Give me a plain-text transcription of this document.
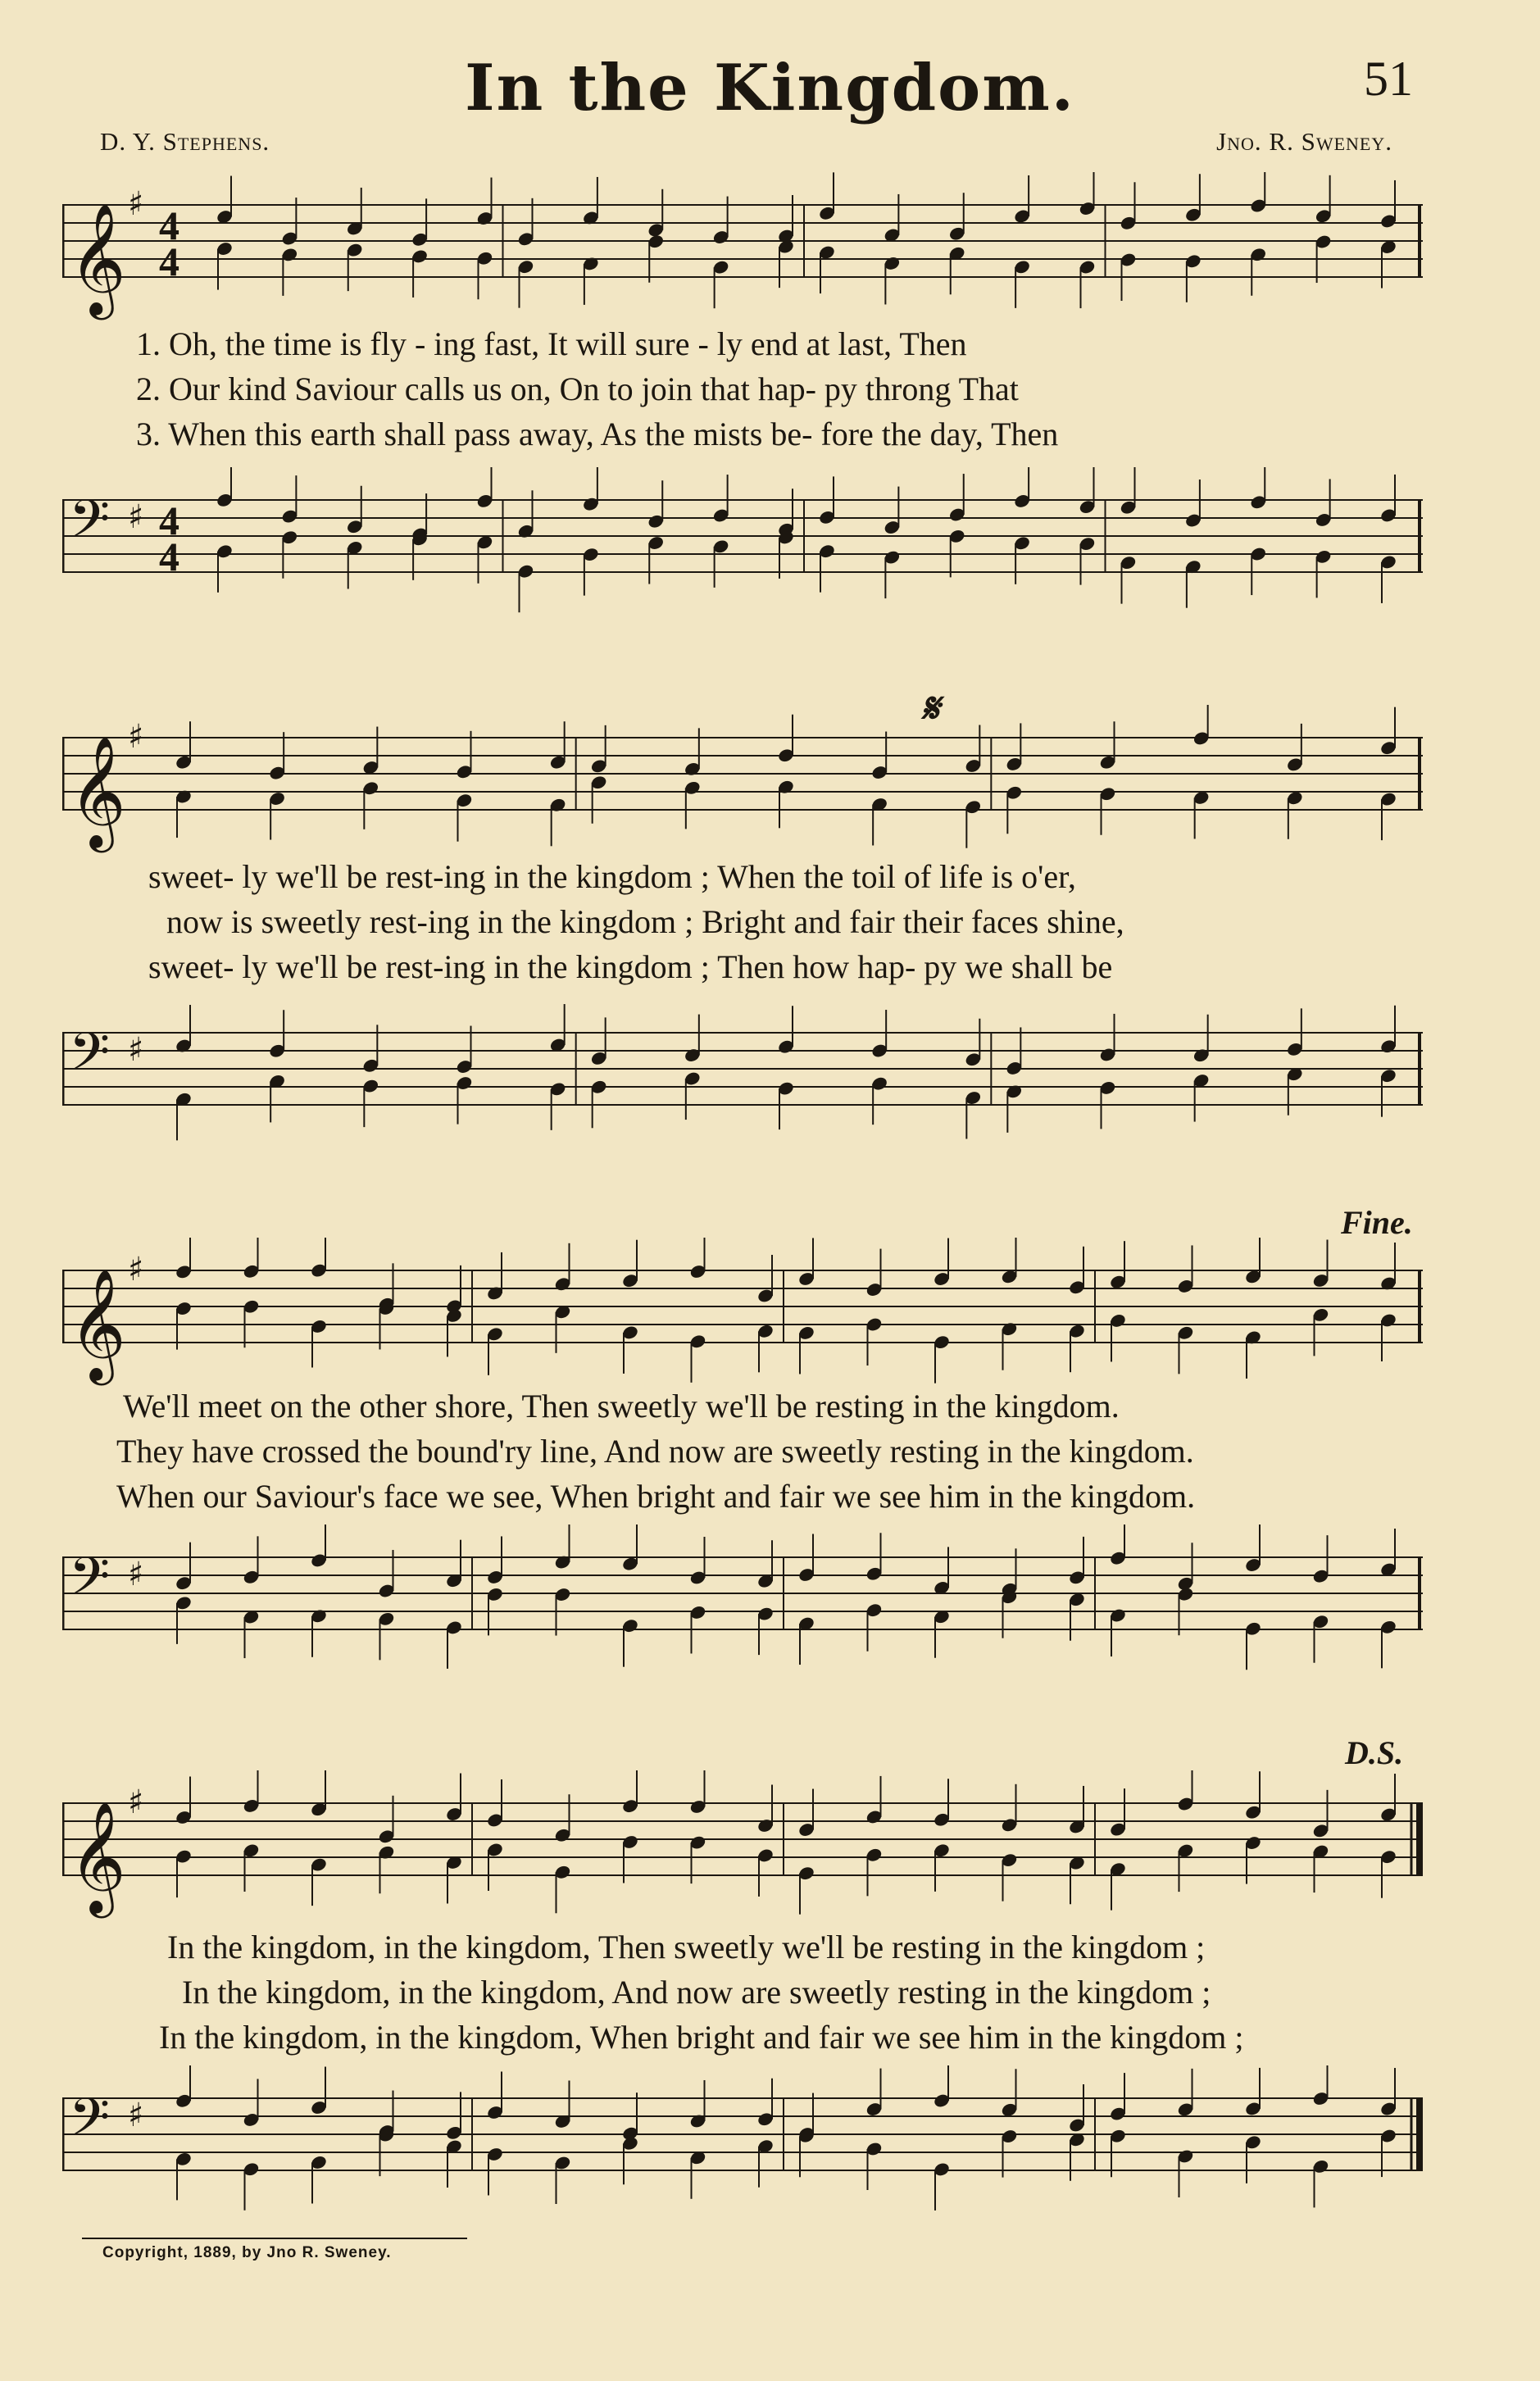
In the Kingdom.	51
D. Y. Stephens.	Jno. R. Sweney.
𝄞 ♯ 4
4
1. Oh, the time is fly - ing fast, It will sure - ly end at last, Then
2. Our kind Saviour calls us on, On to join that hap- py throng That
3. When this earth shall pass away, As the mists be- fore the day, Then
𝄢 ♯ 4
4
𝄋
𝄞 ♯
sweet- ly we'll be rest-ing in the kingdom ; When the toil of life is o'er,
now is sweetly rest-ing in the kingdom ; Bright and fair their faces shine,
sweet- ly we'll be rest-ing in the kingdom ; Then how hap- py we shall be
𝄢 ♯
Fine.
𝄞 ♯
We'll meet on the other shore, Then sweetly we'll be resting in the kingdom.
They have crossed the bound'ry line, And now are sweetly resting in the kingdom.
When our Saviour's face we see, When bright and fair we see him in the kingdom.
𝄢 ♯
D.S.
𝄞 ♯
In the kingdom, in the kingdom, Then sweetly we'll be resting in the kingdom ;
In the kingdom, in the kingdom, And now are sweetly resting in the kingdom ;
In the kingdom, in the kingdom, When bright and fair we see him in the kingdom ;
𝄢 ♯
Copyright, 1889, by Jno R. Sweney.
